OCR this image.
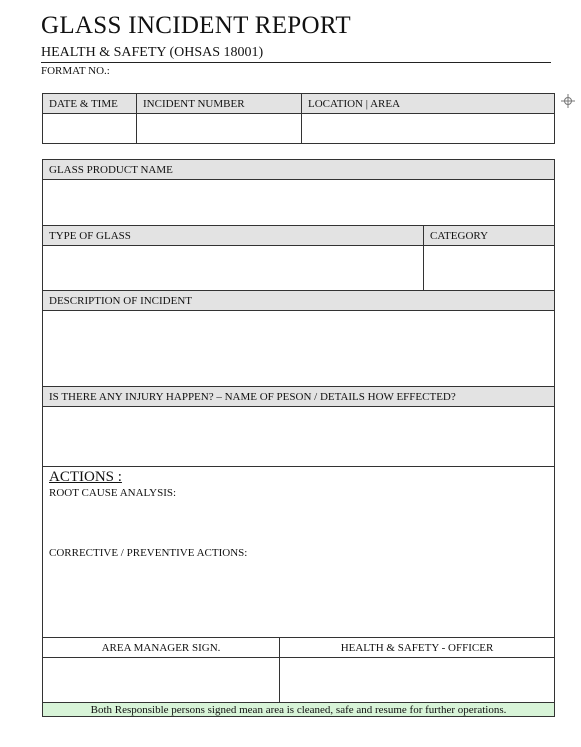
GLASS INCIDENT REPORT
HEALTH & SAFETY (OHSAS 18001)
FORMAT NO.:
DATE & TIME	INCIDENT NUMBER	LOCATION | AREA

GLASS PRODUCT NAME		

TYPE OF GLASS		CATEGORY

DESCRIPTION OF INCIDENT		

IS THERE ANY INJURY HAPPEN? – NAME OF PESON / DETAILS HOW EFFECTED?		

ACTIONS :
ROOT CAUSE ANALYSIS:
CORRECTIVE / PREVENTIVE ACTIONS:		

AREA MANAGER SIGN.	HEALTH & SAFETY - OFFICER	

Both Responsible persons signed mean area is cleaned, safe and resume for further operations.		
